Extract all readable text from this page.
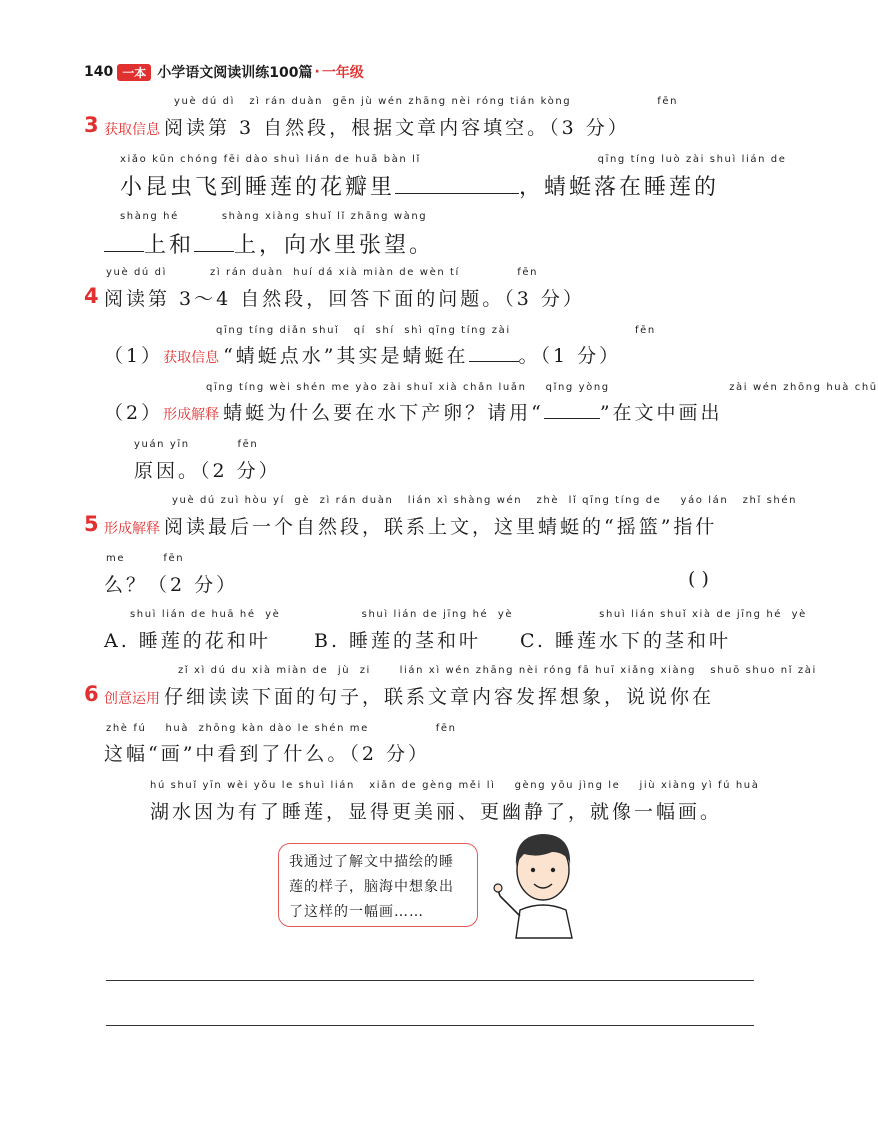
140 一本 小学语文阅读训练100篇 · 一年级
yuè dú dì   zì rán duàn  gēn jù wén zhāng nèi róng tián kòng                  fēn
3 获取信息 阅读第 3 自然段，根据文章内容填空。（3 分）
xiǎo kūn chóng fēi dào shuì lián de huā bàn lǐ                                     qīng tíng luò zài shuì lián de
小昆虫飞到睡莲的花瓣里	，蜻蜓落在睡莲的
shàng hé         shàng xiàng shuǐ lǐ zhāng wàng
上和 上，向水里张望。
yuè dú dì         zì rán duàn  huí dá xià miàn de wèn tí            fēn
4 阅读第 3～4 自然段，回答下面的问题。（3 分）
qīng tíng diǎn shuǐ   qí  shí  shì qīng tíng zài                          fēn
（1）获取信息 “蜻蜓点水”其实是蜻蜓在	。（1 分）
qīng tíng wèi shén me yào zài shuǐ xià chǎn luǎn    qǐng yòng                         zài wén zhōng huà chū
（2）形成解释 蜻蜓为什么要在水下产卵？请用“	”在文中画出
yuán yīn          fēn
原因。（2 分）
yuè dú zuì hòu yí  gè  zì rán duàn   lián xì shàng wén   zhè  lǐ qīng tíng de    yáo lán   zhǐ shén
5 形成解释 阅读最后一个自然段，联系上文，这里蜻蜓的“摇篮”指什
me        fēn
么？（2 分）	( )
shuì lián de huā hé  yè                 shuì lián de jīng hé  yè                  shuì lián shuǐ xià de jīng hé  yè
A. 睡莲的花和叶 B. 睡莲的茎和叶 C. 睡莲水下的茎和叶
zǐ xì dú du xià miàn de  jù  zi      lián xì wén zhāng nèi róng fā huī xiǎng xiàng   shuō shuo nǐ zài
6 创意运用 仔细读读下面的句子，联系文章内容发挥想象，说说你在
zhè fú    huà  zhōng kàn dào le shén me              fēn
这幅“画”中看到了什么。（2 分）
hú shuǐ yīn wèi yǒu le shuì lián   xiǎn de gèng měi lì    gèng yōu jìng le    jiù xiàng yì fú huà
湖水因为有了睡莲，显得更美丽、更幽静了，就像一幅画。
我通过了解文中描绘的睡莲的样子，脑海中想象出了这样的一幅画……
